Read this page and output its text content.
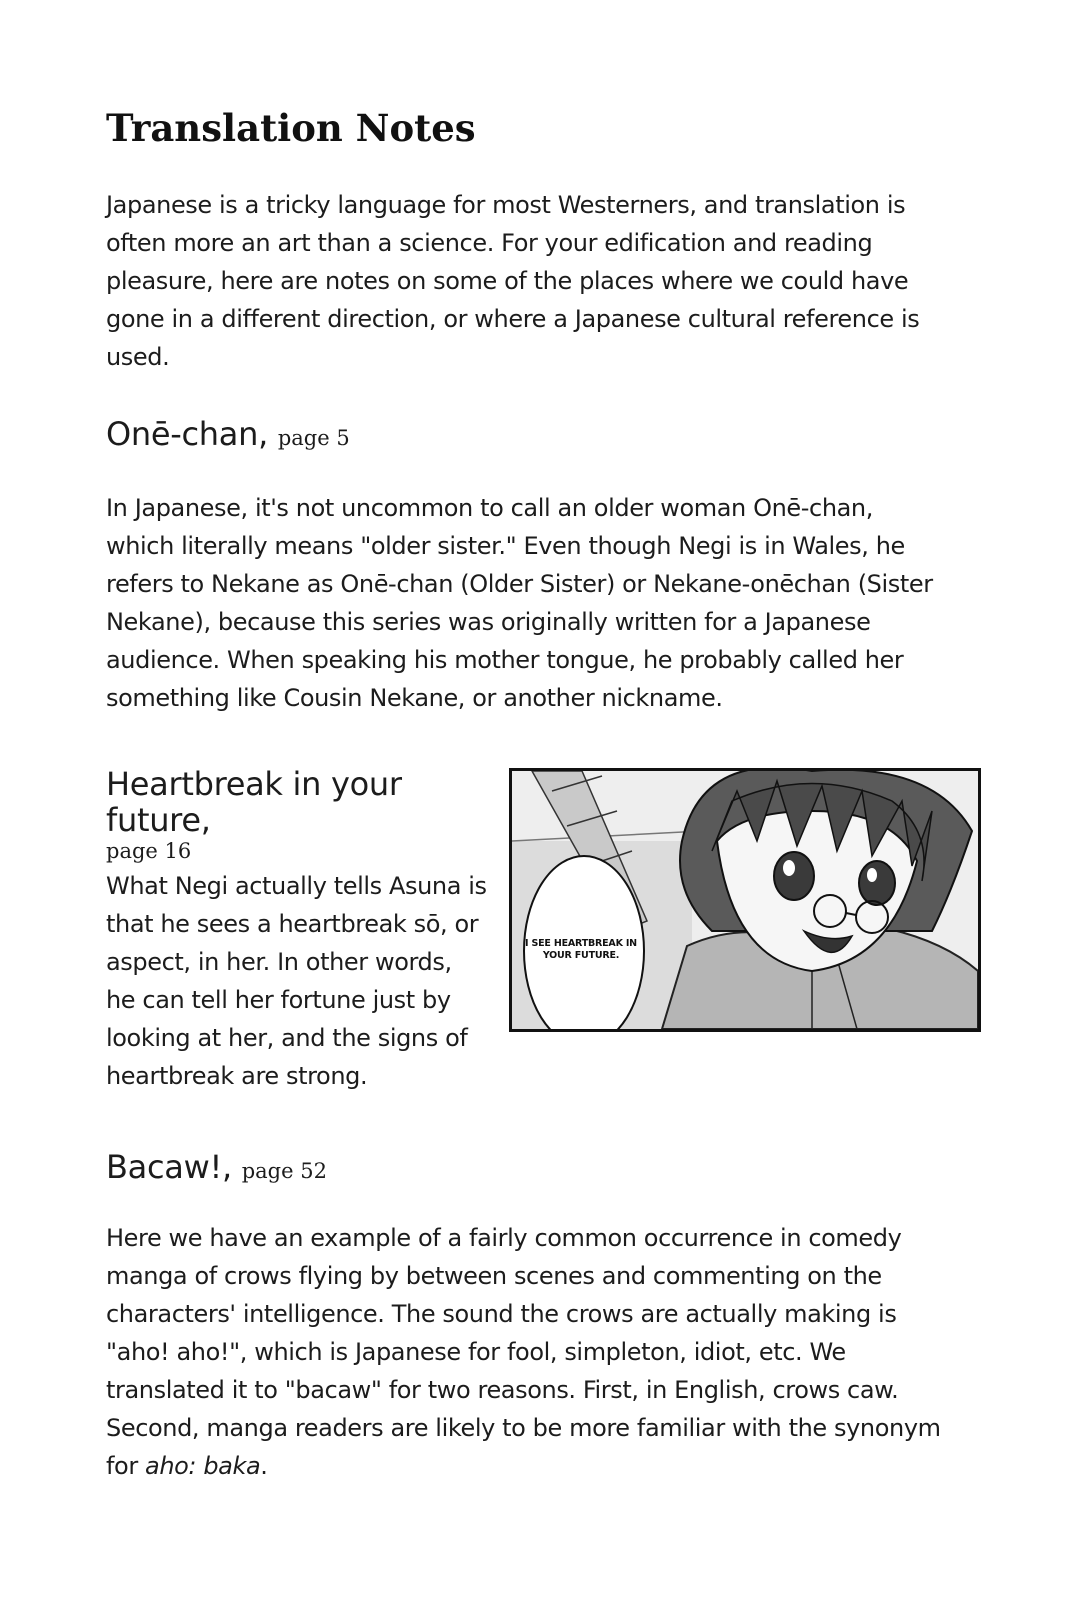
Translation Notes

Japanese is a tricky language for most Westerners, and translation is often more an art than a science. For your edification and reading pleasure, here are notes on some of the places where we could have gone in a different direction, or where a Japanese cultural reference is used.

Onē-chan, page 5

In Japanese, it's not uncommon to call an older woman Onē-chan, which literally means "older sister." Even though Negi is in Wales, he refers to Nekane as Onē-chan (Older Sister) or Nekane-onēchan (Sister Nekane), because this series was originally written for a Japanese audience. When speaking his mother tongue, he probably called her something like Cousin Nekane, or another nickname.

Heartbreak in your future,
page 16

What Negi actually tells Asuna is that he sees a heartbreak sō, or aspect, in her. In other words, he can tell her fortune just by looking at her, and the signs of heartbreak are strong.

I SEE HEARTBREAK IN YOUR FUTURE.
Bacaw!, page 52

Here we have an example of a fairly common occurrence in comedy manga of crows flying by between scenes and commenting on the characters' intelligence. The sound the crows are actually making is "aho! aho!", which is Japanese for fool, simpleton, idiot, etc. We translated it to "bacaw" for two reasons. First, in English, crows caw. Second, manga readers are likely to be more familiar with the synonym for aho: baka.
